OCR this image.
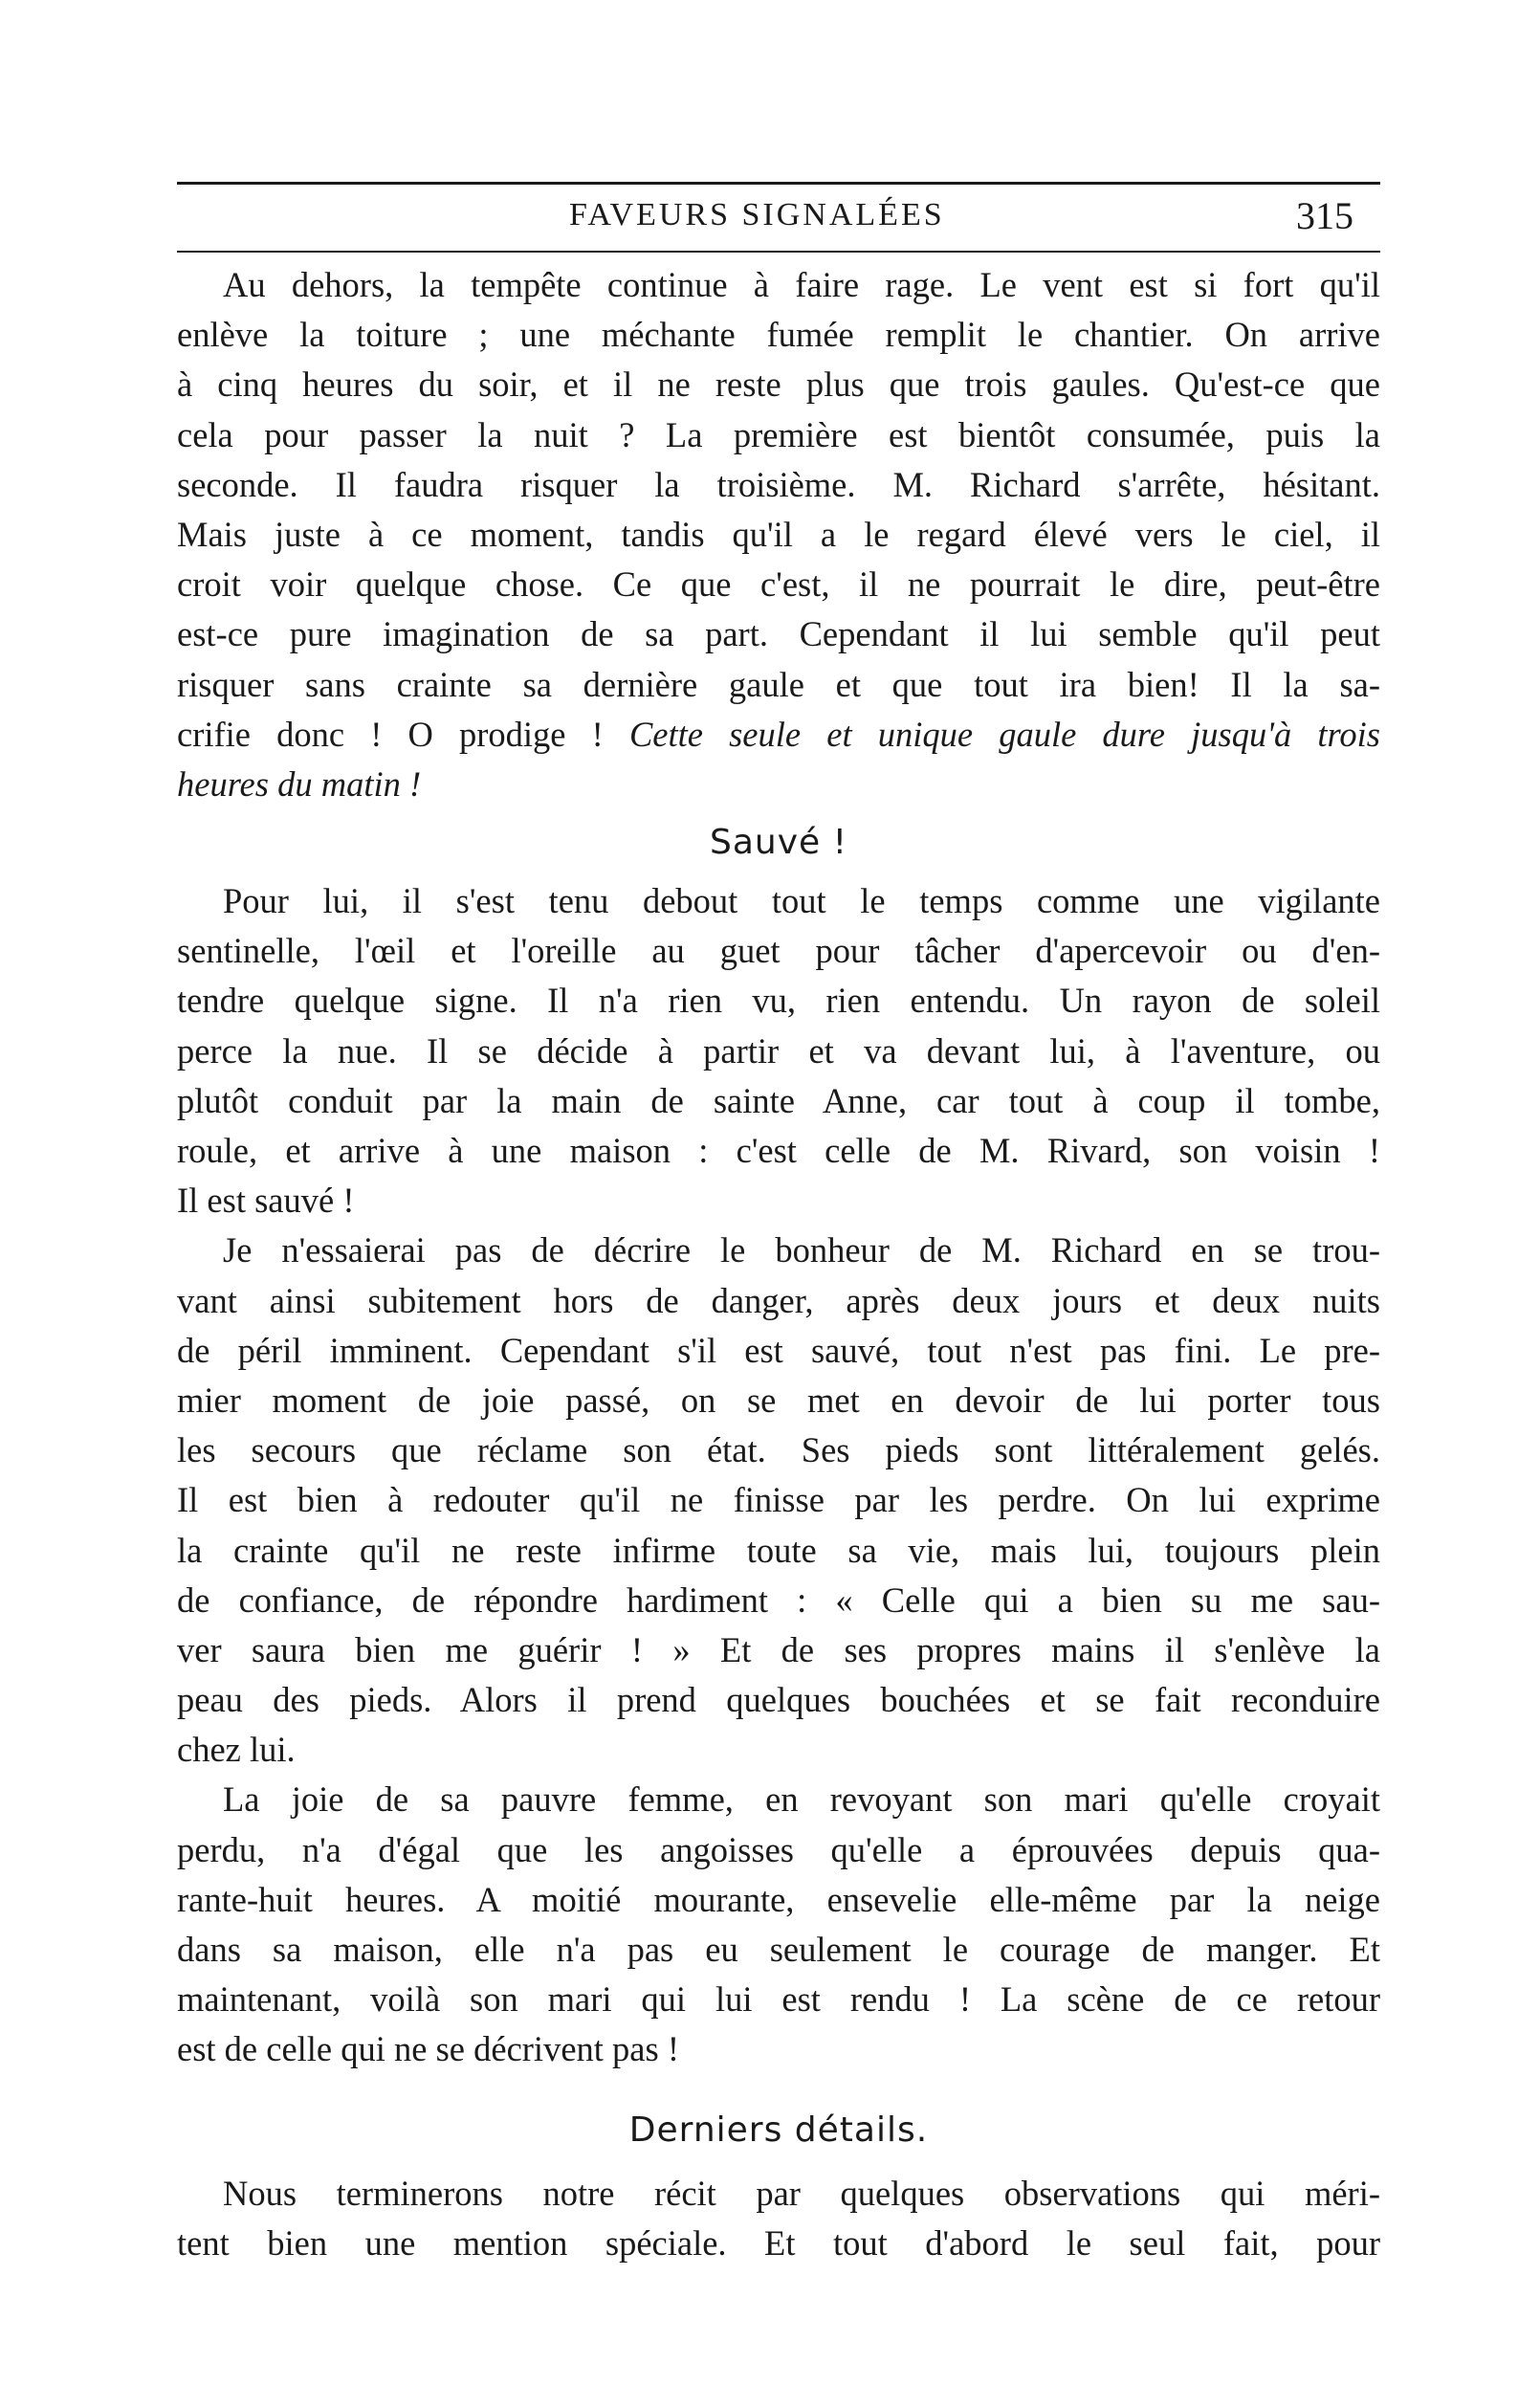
FAVEURS SIGNALÉES	315
Au dehors, la tempête continue à faire rage. Le vent est si fort qu'il
enlève la toiture ; une méchante fumée remplit le chantier. On arrive
à cinq heures du soir, et il ne reste plus que trois gaules. Qu'est-ce que
cela pour passer la nuit ? La première est bientôt consumée, puis la
seconde. Il faudra risquer la troisième. M. Richard s'arrête, hésitant.
Mais juste à ce moment, tandis qu'il a le regard élevé vers le ciel, il
croit voir quelque chose. Ce que c'est, il ne pourrait le dire, peut-être
est-ce pure imagination de sa part. Cependant il lui semble qu'il peut
risquer sans crainte sa dernière gaule et que tout ira bien! Il la sa-
crifie donc ! O prodige ! Cette seule et unique gaule dure jusqu'à trois
heures du matin !
Sauvé !
Pour lui, il s'est tenu debout tout le temps comme une vigilante
sentinelle, l'œil et l'oreille au guet pour tâcher d'apercevoir ou d'en-
tendre quelque signe. Il n'a rien vu, rien entendu. Un rayon de soleil
perce la nue. Il se décide à partir et va devant lui, à l'aventure, ou
plutôt conduit par la main de sainte Anne, car tout à coup il tombe,
roule, et arrive à une maison : c'est celle de M. Rivard, son voisin !
Il est sauvé !
Je n'essaierai pas de décrire le bonheur de M. Richard en se trou-
vant ainsi subitement hors de danger, après deux jours et deux nuits
de péril imminent. Cependant s'il est sauvé, tout n'est pas fini. Le pre-
mier moment de joie passé, on se met en devoir de lui porter tous
les secours que réclame son état. Ses pieds sont littéralement gelés.
Il est bien à redouter qu'il ne finisse par les perdre. On lui exprime
la crainte qu'il ne reste infirme toute sa vie, mais lui, toujours plein
de confiance, de répondre hardiment : « Celle qui a bien su me sau-
ver saura bien me guérir ! » Et de ses propres mains il s'enlève la
peau des pieds. Alors il prend quelques bouchées et se fait reconduire
chez lui.
La joie de sa pauvre femme, en revoyant son mari qu'elle croyait
perdu, n'a d'égal que les angoisses qu'elle a éprouvées depuis qua-
rante-huit heures. A moitié mourante, ensevelie elle-même par la neige
dans sa maison, elle n'a pas eu seulement le courage de manger. Et
maintenant, voilà son mari qui lui est rendu ! La scène de ce retour
est de celle qui ne se décrivent pas !
Derniers détails.
Nous terminerons notre récit par quelques observations qui méri-
tent bien une mention spéciale. Et tout d'abord le seul fait, pour
